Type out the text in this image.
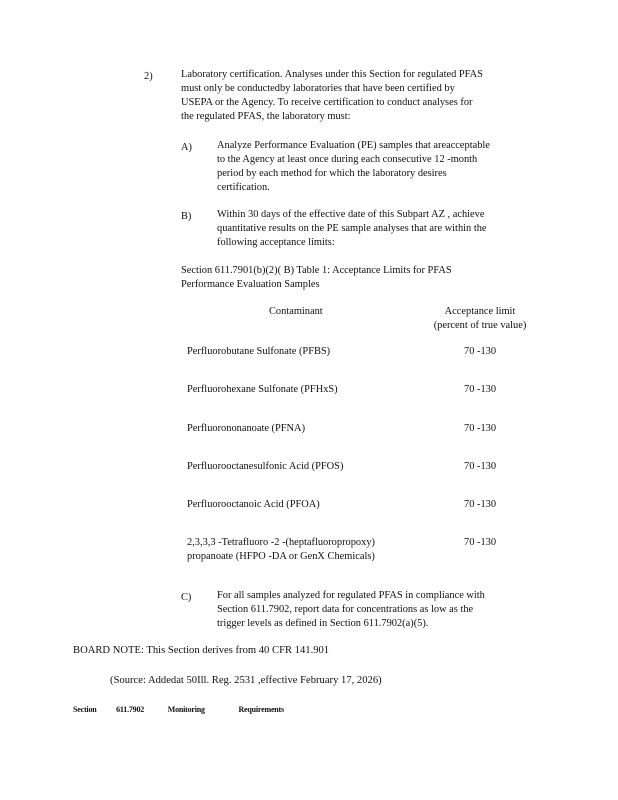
2)	Laboratory certification. Analyses under this Section for regulated PFAS
must only be conductedby laboratories that have been certified by
USEPA or the Agency. To receive certification to conduct analyses for
the regulated PFAS, the laboratory must:
A) Analyze Performance Evaluation (PE) samples that areacceptable
to the Agency at least once during each consecutive 12 -month
period by each method for which the laboratory desires
certification.
B) Within 30 days of the effective date of this Subpart AZ , achieve
quantitative results on the PE sample analyses that are within the
following acceptance limits:
Section 611.7901(b)(2)( B) Table 1: Acceptance Limits for PFAS
Performance Evaluation Samples
Contaminant	Acceptance limit
(percent of true value)
Perfluorobutane Sulfonate (PFBS)	70 -130
Perfluorohexane Sulfonate (PFHxS)	70 -130
Perfluorononanoate (PFNA)	70 -130
Perfluorooctanesulfonic Acid (PFOS)	70 -130
Perfluorooctanoic Acid (PFOA)	70 -130
2,3,3,3 -Tetrafluoro -2 -(heptafluoropropoxy)
propanoate (HFPO -DA or GenX Chemicals)
70 -130
C) For all samples analyzed for regulated PFAS in compliance with
Section 611.7902, report data for concentrations as low as the
trigger levels as defined in Section 611.7902(a)(5).
BOARD NOTE: This Section derives from 40 CFR 141.901
(Source: Addedat 50Ill. Reg. 2531 ,effective February 17, 2026)
Section 611.7902	Monitoring	Requirements
